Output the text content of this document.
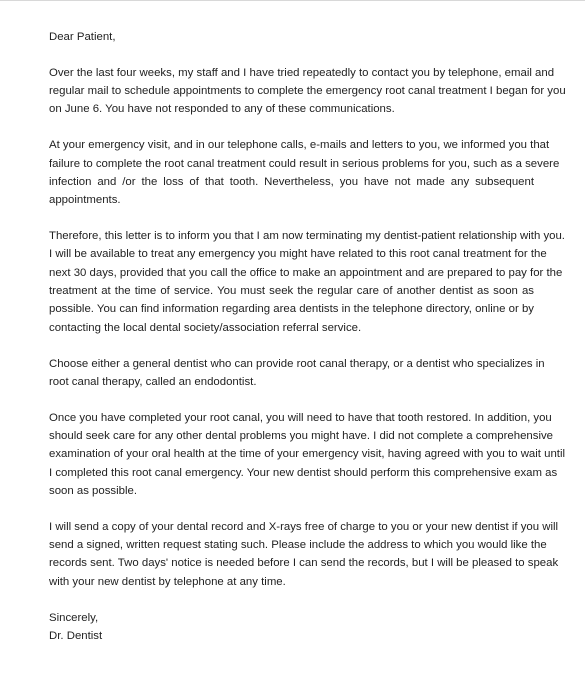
Dear Patient,
Over the last four weeks, my staff and I have tried repeatedly to contact you by telephone, email and
regular mail to schedule appointments to complete the emergency root canal treatment I began for you
on June 6. You have not responded to any of these communications.
At your emergency visit, and in our telephone calls, e-mails and letters to you, we informed you that
failure to complete the root canal treatment could result in serious problems for you, such as a severe
infection and /or the loss of that tooth. Nevertheless, you have not made any subsequent
appointments.
Therefore, this letter is to inform you that I am now terminating my dentist-patient relationship with you.
I will be available to treat any emergency you might have related to this root canal treatment for the
next 30 days, provided that you call the office to make an appointment and are prepared to pay for the
treatment at the time of service. You must seek the regular care of another dentist as soon as
possible. You can find information regarding area dentists in the telephone directory, online or by
contacting the local dental society/association referral service.
Choose either a general dentist who can provide root canal therapy, or a dentist who specializes in
root canal therapy, called an endodontist.
Once you have completed your root canal, you will need to have that tooth restored. In addition, you
should seek care for any other dental problems you might have. I did not complete a comprehensive
examination of your oral health at the time of your emergency visit, having agreed with you to wait until
I completed this root canal emergency. Your new dentist should perform this comprehensive exam as
soon as possible.
I will send a copy of your dental record and X-rays free of charge to you or your new dentist if you will
send a signed, written request stating such. Please include the address to which you would like the
records sent. Two days' notice is needed before I can send the records, but I will be pleased to speak
with your new dentist by telephone at any time.
Sincerely,
Dr. Dentist
